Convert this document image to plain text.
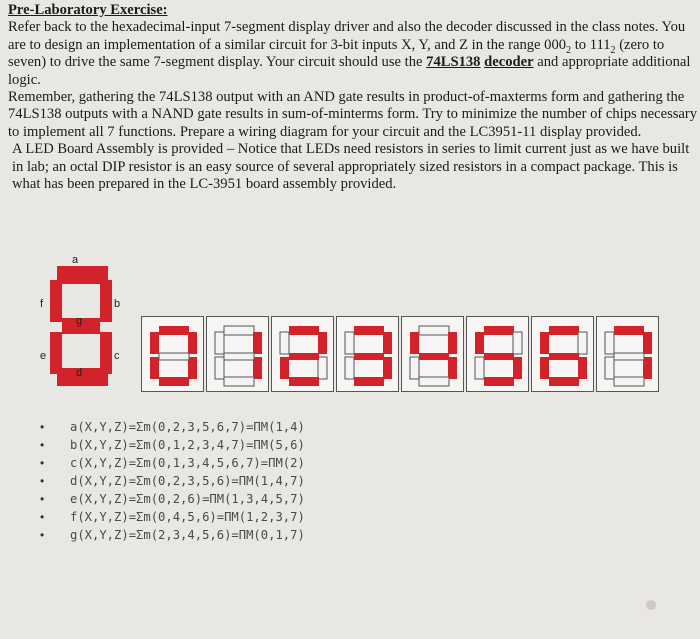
Pre-Laboratory Exercise:

Refer back to the hexadecimal-input 7-segment display driver and also the decoder discussed in the class notes. You are to design an implementation of a similar circuit for 3-bit inputs X, Y, and Z in the range $000_2$ to $111_2$ (zero to seven) to drive the same 7-segment display. Your circuit should use the 74LS138 decoder and appropriate additional logic.

Remember, gathering the 74LS138 output with an AND gate results in product-of-maxterms form and gathering the 74LS138 outputs with a NAND gate results in sum-of-minterms form. Try to minimize the number of chips necessary to implement all 7 functions. Prepare a wiring diagram for your circuit and the LC3951-11 display provided.

A LED Board Assembly is provided – Notice that LEDs need resistors in series to limit current just as we have built in lab; an octal DIP resistor is an easy source of several appropriately sized resistors in a compact package. This is what has been prepared in the LC-3951 board assembly provided.

a
b
c
d
e
f
g
•	a(X,Y,Z)=Σm(0,2,3,5,6,7)=ΠM(1,4)
•	b(X,Y,Z)=Σm(0,1,2,3,4,7)=ΠM(5,6)
•	c(X,Y,Z)=Σm(0,1,3,4,5,6,7)=ΠM(2)
•	d(X,Y,Z)=Σm(0,2,3,5,6)=ΠM(1,4,7)
•	e(X,Y,Z)=Σm(0,2,6)=ΠM(1,3,4,5,7)
•	f(X,Y,Z)=Σm(0,4,5,6)=ΠM(1,2,3,7)
•	g(X,Y,Z)=Σm(2,3,4,5,6)=ΠM(0,1,7)
